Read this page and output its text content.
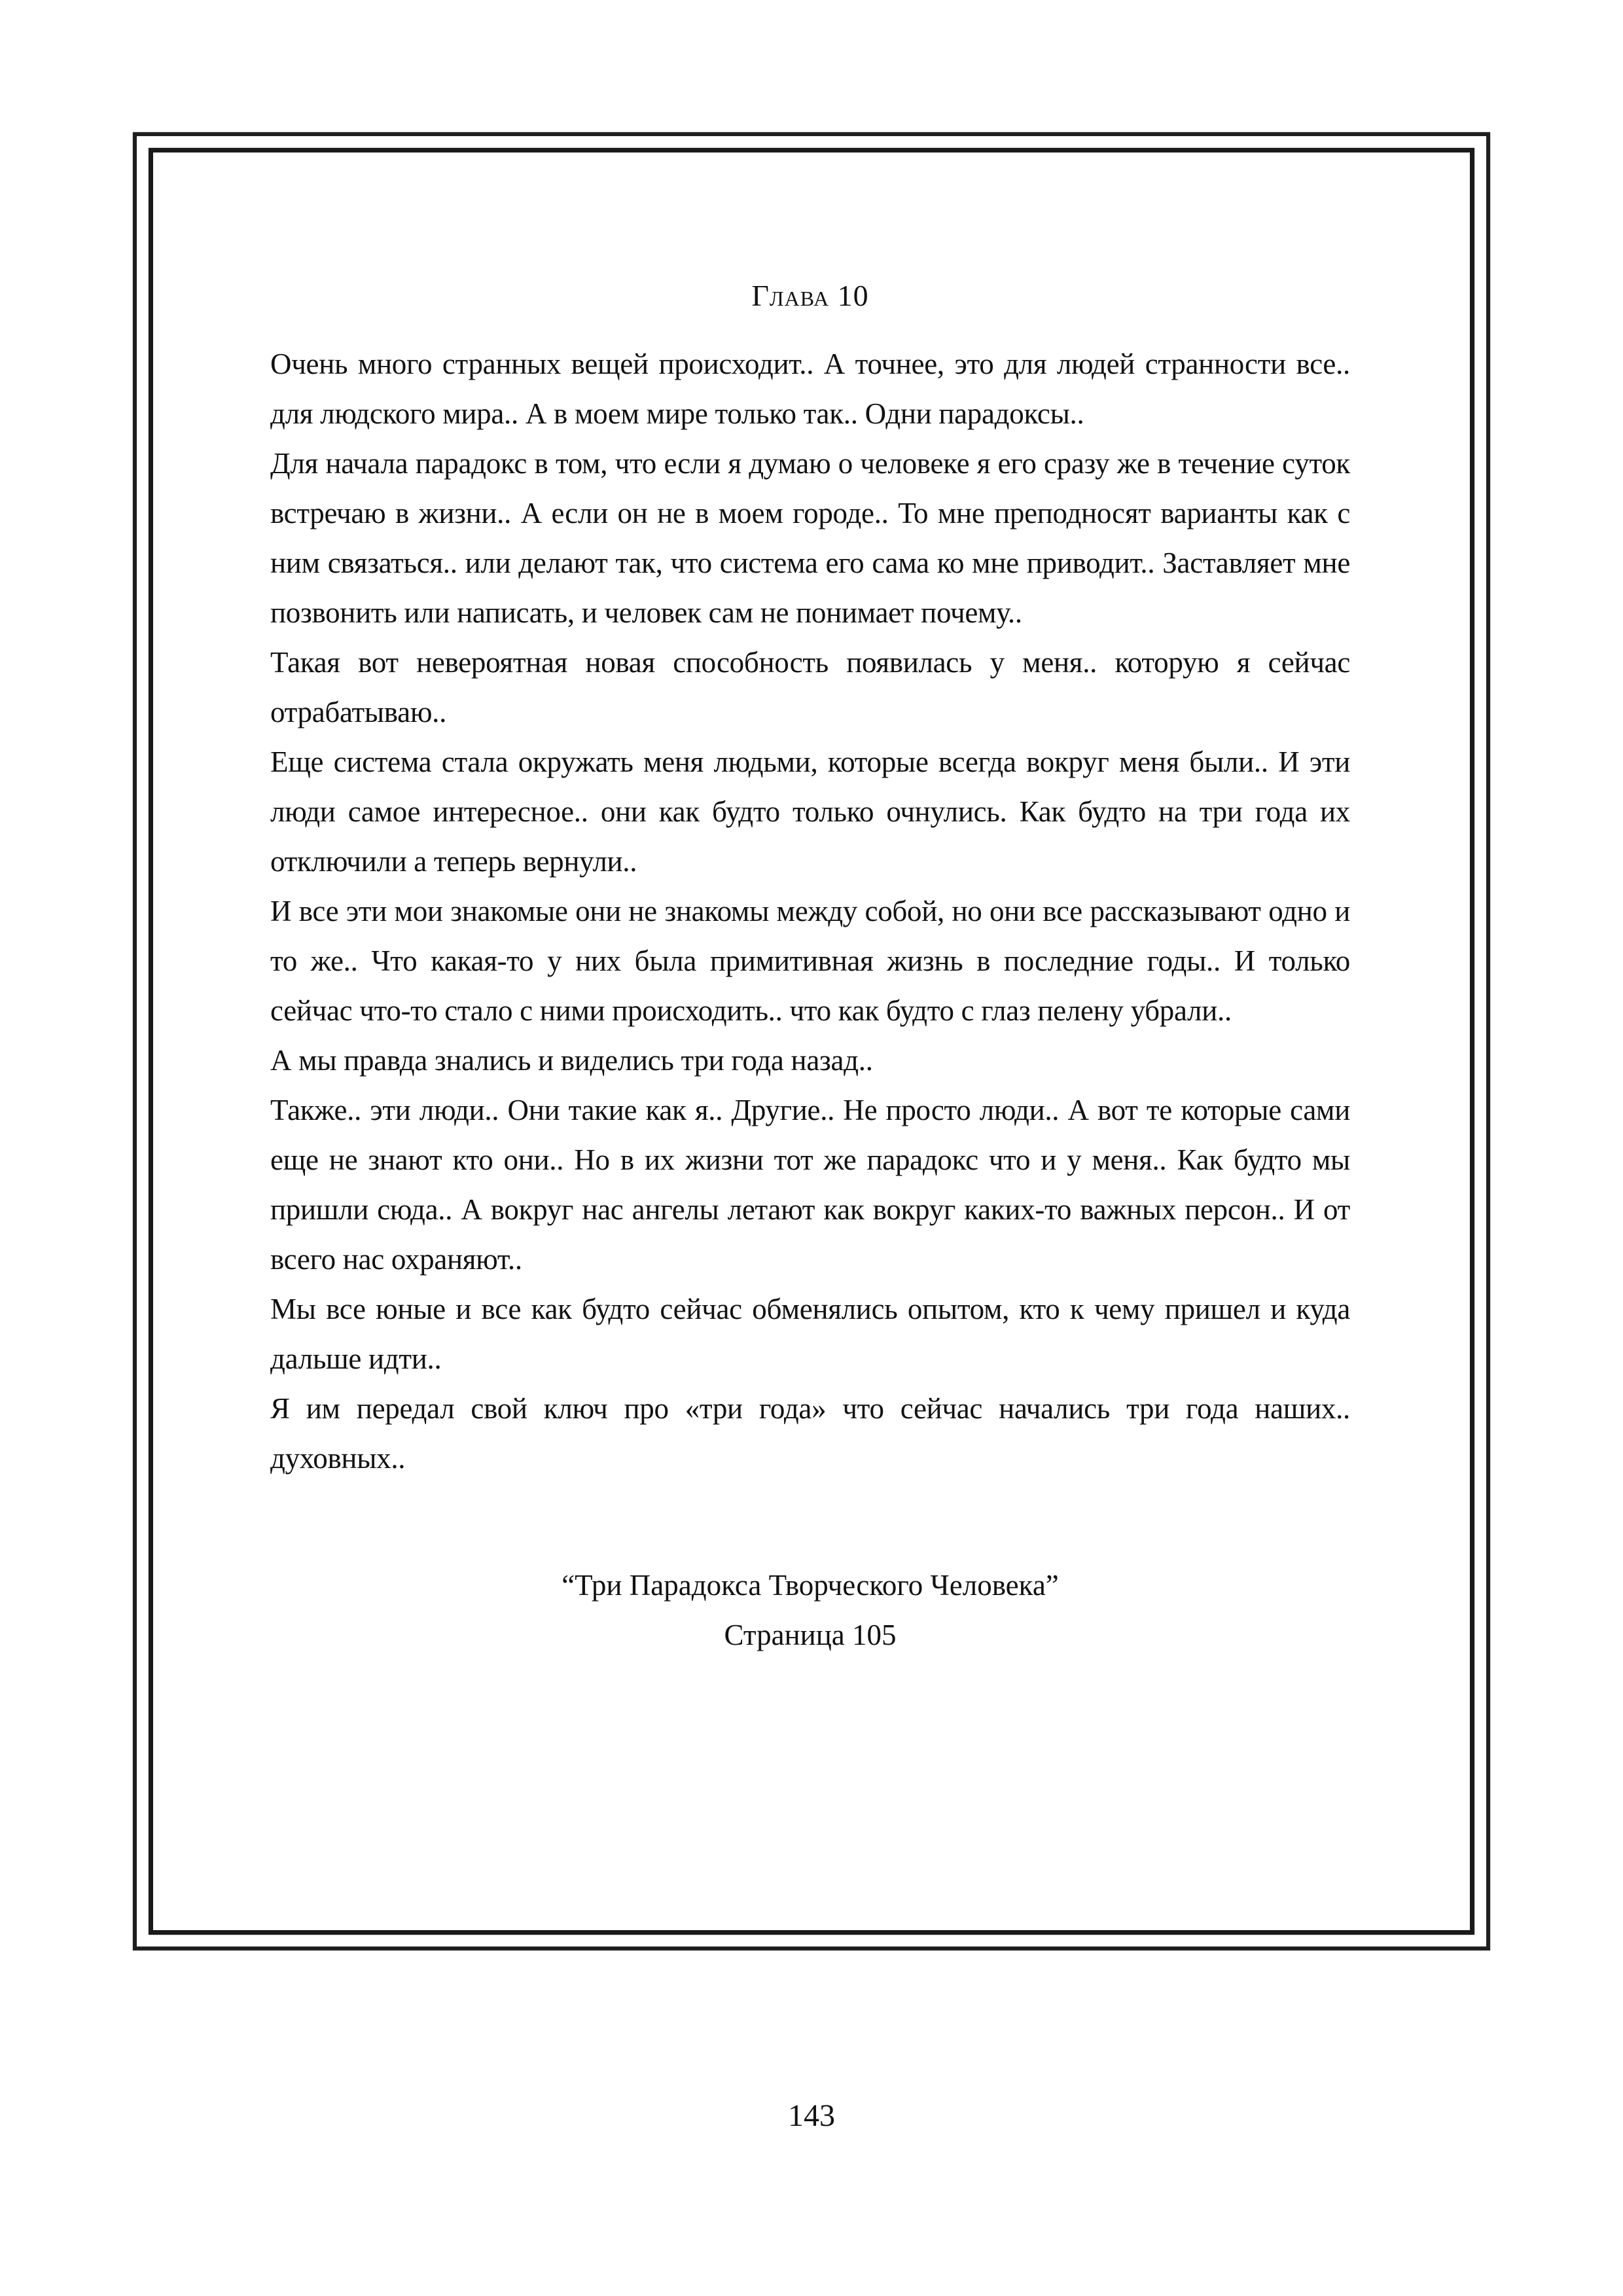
Глава 10

Очень много странных вещей происходит.. А точнее, это для людей странности все.. для людского мира.. А в моем мире только так.. Одни парадоксы..

Для начала парадокс в том, что если я думаю о человеке я его сразу же в течение суток встречаю в жизни.. А если он не в моем городе.. То мне преподносят варианты как с ним связаться.. или делают так, что система его сама ко мне приводит.. Заставляет мне позвонить или написать, и человек сам не понимает почему..

Такая вот невероятная новая способность появилась у меня.. которую я сейчас отрабатываю..

Еще система стала окружать меня людьми, которые всегда вокруг меня были.. И эти люди самое интересное.. они как будто только очнулись. Как будто на три года их отключили а теперь вернули..

И все эти мои знакомые они не знакомы между собой, но они все рассказывают одно и то же.. Что какая-то у них была примитивная жизнь в последние годы.. И только сейчас что-то стало с ними происходить.. что как будто с глаз пелену убрали..

А мы правда знались и виделись три года назад..

Также.. эти люди.. Они такие как я.. Другие.. Не просто люди.. А вот те которые сами еще не знают кто они.. Но в их жизни тот же парадокс что и у меня.. Как будто мы пришли сюда.. А вокруг нас ангелы летают как вокруг каких-то важных персон.. И от всего нас охраняют..

Мы все юные и все как будто сейчас обменялись опытом, кто к чему пришел и куда дальше идти..

Я им передал свой ключ про «три года» что сейчас начались три года наших.. духовных..

“Три Парадокса Творческого Человека”
Страница 105
143
